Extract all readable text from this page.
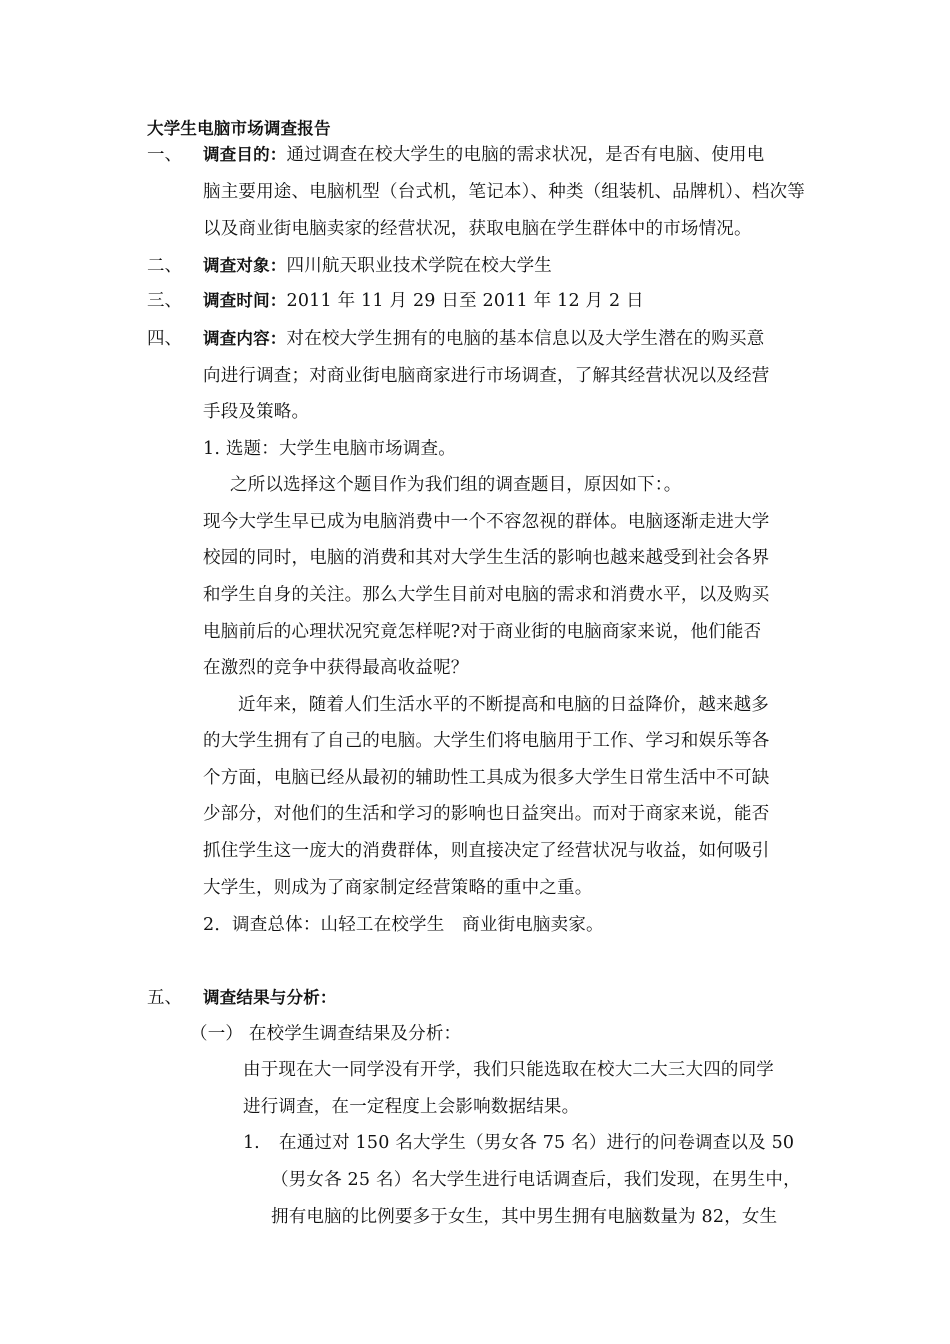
大学生电脑市场调查报告
一、 调查目的：通过调查在校大学生的电脑的需求状况，是否有电脑、使用电
脑主要用途、电脑机型（台式机，笔记本）、种类（组装机、品牌机）、档次等
以及商业街电脑卖家的经营状况，获取电脑在学生群体中的市场情况。
二、 调查对象：四川航天职业技术学院在校大学生
三、 调查时间：2011 年 11 月 29 日至 2011 年 12 月 2 日
四、 调查内容：对在校大学生拥有的电脑的基本信息以及大学生潜在的购买意
向进行调查；对商业街电脑商家进行市场调查，了解其经营状况以及经营
手段及策略。
1. 选题：大学生电脑市场调查。
之所以选择这个题目作为我们组的调查题目，原因如下：。
现今大学生早已成为电脑消费中一个不容忽视的群体。电脑逐渐走进大学
校园的同时，电脑的消费和其对大学生生活的影响也越来越受到社会各界
和学生自身的关注。那么大学生目前对电脑的需求和消费水平，以及购买
电脑前后的心理状况究竟怎样呢?对于商业街的电脑商家来说，他们能否
在激烈的竞争中获得最高收益呢？
近年来，随着人们生活水平的不断提高和电脑的日益降价，越来越多
的大学生拥有了自己的电脑。大学生们将电脑用于工作、学习和娱乐等各
个方面，电脑已经从最初的辅助性工具成为很多大学生日常生活中不可缺
少部分，对他们的生活和学习的影响也日益突出。而对于商家来说，能否
抓住学生这一庞大的消费群体，则直接决定了经营状况与收益，如何吸引
大学生，则成为了商家制定经营策略的重中之重。
2．调查总体：山轻工在校学生　商业街电脑卖家。
五、 调查结果与分析：
（一） 在校学生调查结果及分析：
由于现在大一同学没有开学，我们只能选取在校大二大三大四的同学
进行调查，在一定程度上会影响数据结果。
1. 在通过对 150 名大学生（男女各 75 名）进行的问卷调查以及 50
（男女各 25 名）名大学生进行电话调查后，我们发现，在男生中，
拥有电脑的比例要多于女生，其中男生拥有电脑数量为 82，女生
